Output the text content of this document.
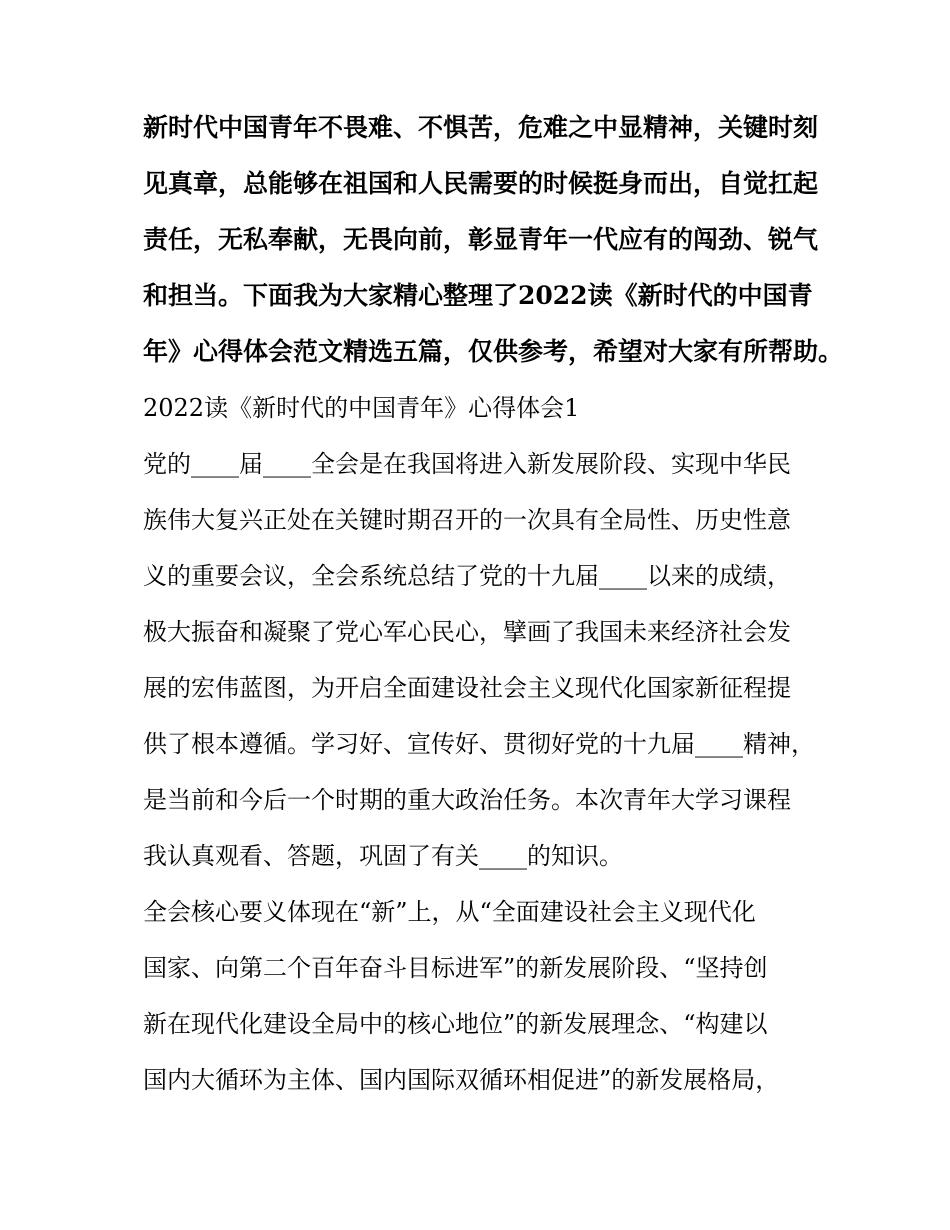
新时代中国青年不畏难、不惧苦，危难之中显精神，关键时刻
见真章，总能够在祖国和人民需要的时候挺身而出，自觉扛起
责任，无私奉献，无畏向前，彰显青年一代应有的闯劲、锐气
和担当。下面我为大家精心整理了2022读《新时代的中国青
年》心得体会范文精选五篇，仅供参考，希望对大家有所帮助。
2022读《新时代的中国青年》心得体会1
党的____届____全会是在我国将进入新发展阶段、实现中华民
族伟大复兴正处在关键时期召开的一次具有全局性、历史性意
义的重要会议，全会系统总结了党的十九届____以来的成绩，
极大振奋和凝聚了党心军心民心，擘画了我国未来经济社会发
展的宏伟蓝图，为开启全面建设社会主义现代化国家新征程提
供了根本遵循。学习好、宣传好、贯彻好党的十九届____精神，
是当前和今后一个时期的重大政治任务。本次青年大学习课程
我认真观看、答题，巩固了有关____的知识。
全会核心要义体现在“新”上，从“全面建设社会主义现代化
国家、向第二个百年奋斗目标进军”的新发展阶段、“坚持创
新在现代化建设全局中的核心地位”的新发展理念、“构建以
国内大循环为主体、国内国际双循环相促进”的新发展格局，
